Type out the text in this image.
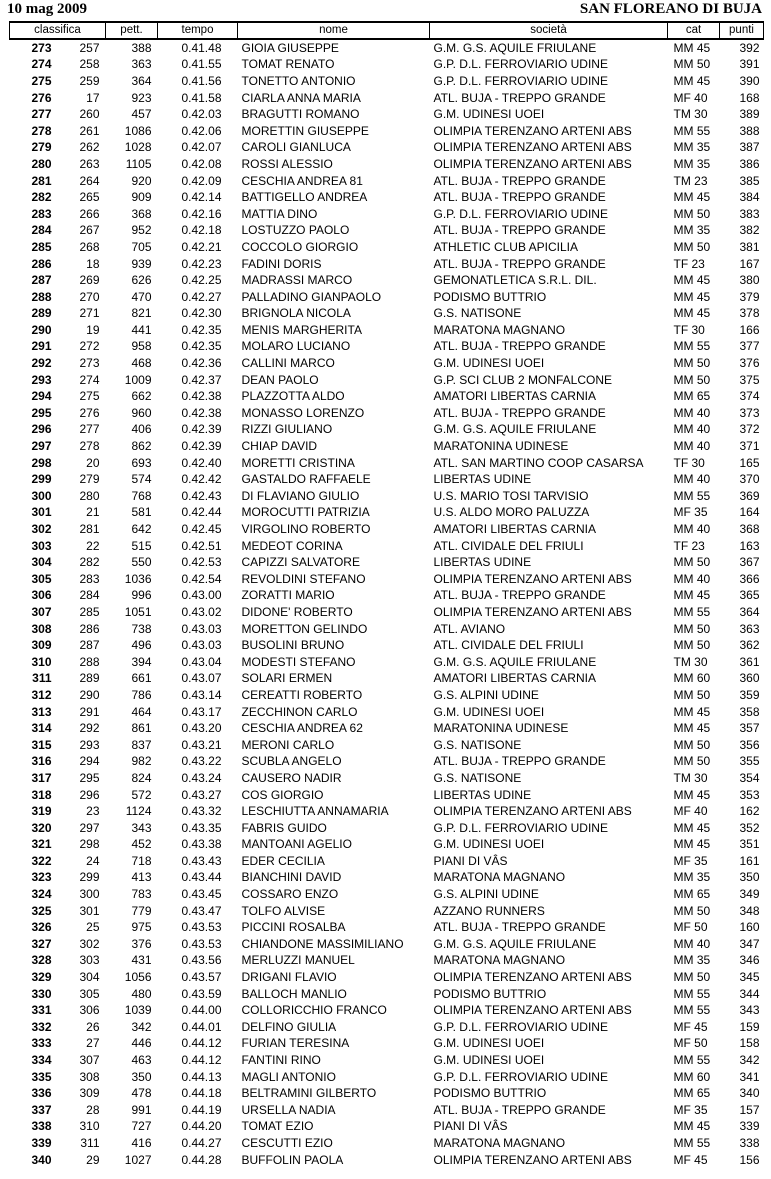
10 mag 2009	SAN FLOREANO DI BUJA
classifica		pett.	tempo	nome	società	cat	punti
273	257	388	0.41.48	GIOIA GIUSEPPE	G.M. G.S. AQUILE FRIULANE	MM 45	392
274	258	363	0.41.55	TOMAT RENATO	G.P. D.L. FERROVIARIO UDINE	MM 50	391
275	259	364	0.41.56	TONETTO ANTONIO	G.P. D.L. FERROVIARIO UDINE	MM 45	390
276	17	923	0.41.58	CIARLA ANNA MARIA	ATL. BUJA - TREPPO GRANDE	MF 40	168
277	260	457	0.42.03	BRAGUTTI ROMANO	G.M. UDINESI UOEI	TM 30	389
278	261	1086	0.42.06	MORETTIN GIUSEPPE	OLIMPIA TERENZANO ARTENI ABS	MM 55	388
279	262	1028	0.42.07	CAROLI GIANLUCA	OLIMPIA TERENZANO ARTENI ABS	MM 35	387
280	263	1105	0.42.08	ROSSI ALESSIO	OLIMPIA TERENZANO ARTENI ABS	MM 35	386
281	264	920	0.42.09	CESCHIA ANDREA 81	ATL. BUJA - TREPPO GRANDE	TM 23	385
282	265	909	0.42.14	BATTIGELLO ANDREA	ATL. BUJA - TREPPO GRANDE	MM 45	384
283	266	368	0.42.16	MATTIA DINO	G.P. D.L. FERROVIARIO UDINE	MM 50	383
284	267	952	0.42.18	LOSTUZZO PAOLO	ATL. BUJA - TREPPO GRANDE	MM 35	382
285	268	705	0.42.21	COCCOLO GIORGIO	ATHLETIC CLUB APICILIA	MM 50	381
286	18	939	0.42.23	FADINI DORIS	ATL. BUJA - TREPPO GRANDE	TF 23	167
287	269	626	0.42.25	MADRASSI MARCO	GEMONATLETICA S.R.L. DIL.	MM 45	380
288	270	470	0.42.27	PALLADINO GIANPAOLO	PODISMO BUTTRIO	MM 45	379
289	271	821	0.42.30	BRIGNOLA NICOLA	G.S. NATISONE	MM 45	378
290	19	441	0.42.35	MENIS MARGHERITA	MARATONA MAGNANO	TF 30	166
291	272	958	0.42.35	MOLARO LUCIANO	ATL. BUJA - TREPPO GRANDE	MM 55	377
292	273	468	0.42.36	CALLINI MARCO	G.M. UDINESI UOEI	MM 50	376
293	274	1009	0.42.37	DEAN PAOLO	G.P. SCI CLUB 2 MONFALCONE	MM 50	375
294	275	662	0.42.38	PLAZZOTTA ALDO	AMATORI LIBERTAS CARNIA	MM 65	374
295	276	960	0.42.38	MONASSO LORENZO	ATL. BUJA - TREPPO GRANDE	MM 40	373
296	277	406	0.42.39	RIZZI GIULIANO	G.M. G.S. AQUILE FRIULANE	MM 40	372
297	278	862	0.42.39	CHIAP DAVID	MARATONINA UDINESE	MM 40	371
298	20	693	0.42.40	MORETTI CRISTINA	ATL. SAN MARTINO COOP CASARSA	TF 30	165
299	279	574	0.42.42	GASTALDO RAFFAELE	LIBERTAS UDINE	MM 40	370
300	280	768	0.42.43	DI FLAVIANO GIULIO	U.S. MARIO TOSI TARVISIO	MM 55	369
301	21	581	0.42.44	MOROCUTTI PATRIZIA	U.S. ALDO MORO PALUZZA	MF 35	164
302	281	642	0.42.45	VIRGOLINO ROBERTO	AMATORI LIBERTAS CARNIA	MM 40	368
303	22	515	0.42.51	MEDEOT CORINA	ATL. CIVIDALE DEL FRIULI	TF 23	163
304	282	550	0.42.53	CAPIZZI SALVATORE	LIBERTAS UDINE	MM 50	367
305	283	1036	0.42.54	REVOLDINI STEFANO	OLIMPIA TERENZANO ARTENI ABS	MM 40	366
306	284	996	0.43.00	ZORATTI MARIO	ATL. BUJA - TREPPO GRANDE	MM 45	365
307	285	1051	0.43.02	DIDONE' ROBERTO	OLIMPIA TERENZANO ARTENI ABS	MM 55	364
308	286	738	0.43.03	MORETTON GELINDO	ATL. AVIANO	MM 50	363
309	287	496	0.43.03	BUSOLINI BRUNO	ATL. CIVIDALE DEL FRIULI	MM 50	362
310	288	394	0.43.04	MODESTI STEFANO	G.M. G.S. AQUILE FRIULANE	TM 30	361
311	289	661	0.43.07	SOLARI ERMEN	AMATORI LIBERTAS CARNIA	MM 60	360
312	290	786	0.43.14	CEREATTI ROBERTO	G.S. ALPINI UDINE	MM 50	359
313	291	464	0.43.17	ZECCHINON CARLO	G.M. UDINESI UOEI	MM 45	358
314	292	861	0.43.20	CESCHIA ANDREA 62	MARATONINA UDINESE	MM 45	357
315	293	837	0.43.21	MERONI CARLO	G.S. NATISONE	MM 50	356
316	294	982	0.43.22	SCUBLA ANGELO	ATL. BUJA - TREPPO GRANDE	MM 50	355
317	295	824	0.43.24	CAUSERO NADIR	G.S. NATISONE	TM 30	354
318	296	572	0.43.27	COS GIORGIO	LIBERTAS UDINE	MM 45	353
319	23	1124	0.43.32	LESCHIUTTA ANNAMARIA	OLIMPIA TERENZANO ARTENI ABS	MF 40	162
320	297	343	0.43.35	FABRIS GUIDO	G.P. D.L. FERROVIARIO UDINE	MM 45	352
321	298	452	0.43.38	MANTOANI AGELIO	G.M. UDINESI UOEI	MM 45	351
322	24	718	0.43.43	EDER CECILIA	PIANI DI VÂS	MF 35	161
323	299	413	0.43.44	BIANCHINI DAVID	MARATONA MAGNANO	MM 35	350
324	300	783	0.43.45	COSSARO ENZO	G.S. ALPINI UDINE	MM 65	349
325	301	779	0.43.47	TOLFO ALVISE	AZZANO RUNNERS	MM 50	348
326	25	975	0.43.53	PICCINI ROSALBA	ATL. BUJA - TREPPO GRANDE	MF 50	160
327	302	376	0.43.53	CHIANDONE MASSIMILIANO	G.M. G.S. AQUILE FRIULANE	MM 40	347
328	303	431	0.43.56	MERLUZZI MANUEL	MARATONA MAGNANO	MM 35	346
329	304	1056	0.43.57	DRIGANI FLAVIO	OLIMPIA TERENZANO ARTENI ABS	MM 50	345
330	305	480	0.43.59	BALLOCH MANLIO	PODISMO BUTTRIO	MM 55	344
331	306	1039	0.44.00	COLLORICCHIO FRANCO	OLIMPIA TERENZANO ARTENI ABS	MM 55	343
332	26	342	0.44.01	DELFINO GIULIA	G.P. D.L. FERROVIARIO UDINE	MF 45	159
333	27	446	0.44.12	FURIAN TERESINA	G.M. UDINESI UOEI	MF 50	158
334	307	463	0.44.12	FANTINI RINO	G.M. UDINESI UOEI	MM 55	342
335	308	350	0.44.13	MAGLI ANTONIO	G.P. D.L. FERROVIARIO UDINE	MM 60	341
336	309	478	0.44.18	BELTRAMINI GILBERTO	PODISMO BUTTRIO	MM 65	340
337	28	991	0.44.19	URSELLA NADIA	ATL. BUJA - TREPPO GRANDE	MF 35	157
338	310	727	0.44.20	TOMAT EZIO	PIANI DI VÂS	MM 45	339
339	311	416	0.44.27	CESCUTTI EZIO	MARATONA MAGNANO	MM 55	338
340	29	1027	0.44.28	BUFFOLIN PAOLA	OLIMPIA TERENZANO ARTENI ABS	MF 45	156
